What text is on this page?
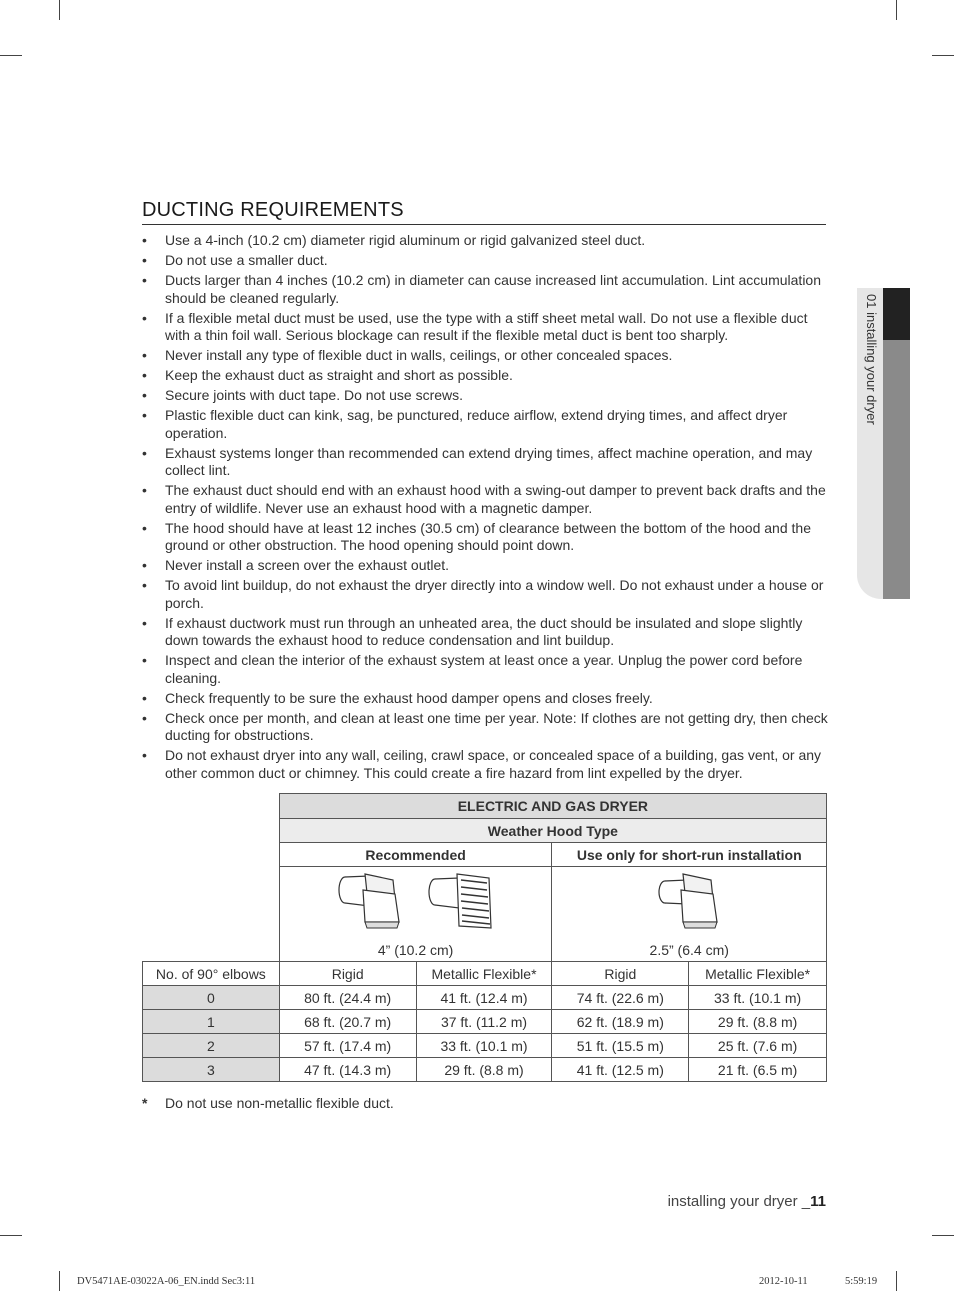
01 installing your dryer
DUCTING REQUIREMENTS
• Use a 4-inch (10.2 cm) diameter rigid aluminum or rigid galvanized steel duct.
• Do not use a smaller duct.
• Ducts larger than 4 inches (10.2 cm) in diameter can cause increased lint accumulation. Lint accumulation should be cleaned regularly.
• If a flexible metal duct must be used, use the type with a stiff sheet metal wall. Do not use a flexible duct with a thin foil wall. Serious blockage can result if the flexible metal duct is bent too sharply.
• Never install any type of flexible duct in walls, ceilings, or other concealed spaces.
• Keep the exhaust duct as straight and short as possible.
• Secure joints with duct tape. Do not use screws.
• Plastic flexible duct can kink, sag, be punctured, reduce airflow, extend drying times, and affect dryer operation.
• Exhaust systems longer than recommended can extend drying times, affect machine operation, and may collect lint.
• The exhaust duct should end with an exhaust hood with a swing-out damper to prevent back drafts and the entry of wildlife. Never use an exhaust hood with a magnetic damper.
• The hood should have at least 12 inches (30.5 cm) of clearance between the bottom of the hood and the ground or other obstruction. The hood opening should point down.
• Never install a screen over the exhaust outlet.
• To avoid lint buildup, do not exhaust the dryer directly into a window well. Do not exhaust under a house or porch.
• If exhaust ductwork must run through an unheated area, the duct should be insulated and slope slightly down towards the exhaust hood to reduce condensation and lint buildup.
• Inspect and clean the interior of the exhaust system at least once a year. Unplug the power cord before cleaning.
• Check frequently to be sure the exhaust hood damper opens and closes freely.
• Check once per month, and clean at least one time per year. Note: If clothes are not getting dry, then check ducting for obstructions.
• Do not exhaust dryer into any wall, ceiling, crawl space, or concealed space of a building, gas vent, or any other common duct or chimney. This could create a fire hazard from lint expelled by the dryer.
	ELECTRIC AND GAS DRYER			
	Weather Hood Type			
	Recommended		Use only for short-run installation	

	4” (10.2 cm)		2.5” (6.4 cm)	

No. of 90° elbows	Rigid	Metallic Flexible*	Rigid	Metallic Flexible*
0	80 ft. (24.4 m)	41 ft. (12.4 m)	74 ft. (22.6 m)	33 ft. (10.1 m)
1	68 ft. (20.7 m)	37 ft. (11.2 m)	62 ft. (18.9 m)	29 ft. (8.8 m)
2	57 ft. (17.4 m)	33 ft. (10.1 m)	51 ft. (15.5 m)	25 ft. (7.6 m)
3	47 ft. (14.3 m)	29 ft. (8.8 m)	41 ft. (12.5 m)	21 ft. (6.5 m)
* Do not use non-metallic flexible duct.
installing your dryer _11
DV5471AE-03022A-06_EN.indd Sec3:11	2012-10-11	5:59:19
